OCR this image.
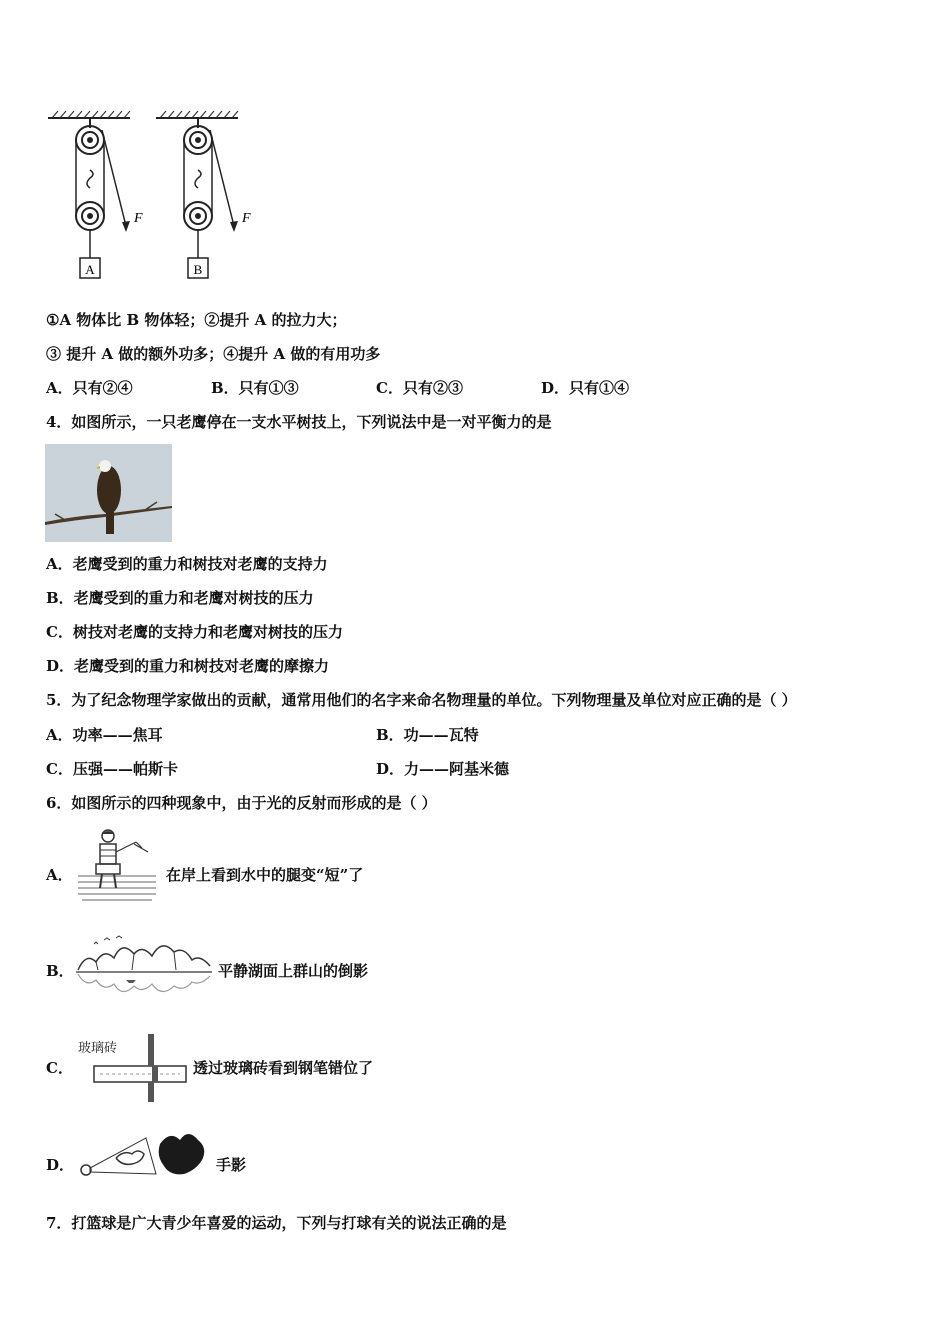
A
F
B
F
①A 物体比 B 物体轻；②提升 A 的拉力大；
③ 提升 A 做的额外功多；④提升 A 做的有用功多
A．只有②④	B．只有①③	C．只有②③	D．只有①④
4．如图所示，一只老鹰停在一支水平树技上，下列说法中是一对平衡力的是
A．老鹰受到的重力和树技对老鹰的支持力
B．老鹰受到的重力和老鹰对树技的压力
C．树技对老鹰的支持力和老鹰对树技的压力
D．老鹰受到的重力和树技对老鹰的摩擦力
5．为了纪念物理学家做出的贡献，通常用他们的名字来命名物理量的单位。下列物理量及单位对应正确的是（ ）
A．功率——焦耳	B．功——瓦特
C．压强——帕斯卡	D．力——阿基米德
6．如图所示的四种现象中，由于光的反射而形成的是（ ）
A．	在岸上看到水中的腿变“短”了
B．	平静湖面上群山的倒影
C．
玻璃砖
透过玻璃砖看到钢笔错位了
D．	手影
7．打篮球是广大青少年喜爱的运动，下列与打球有关的说法正确的是
